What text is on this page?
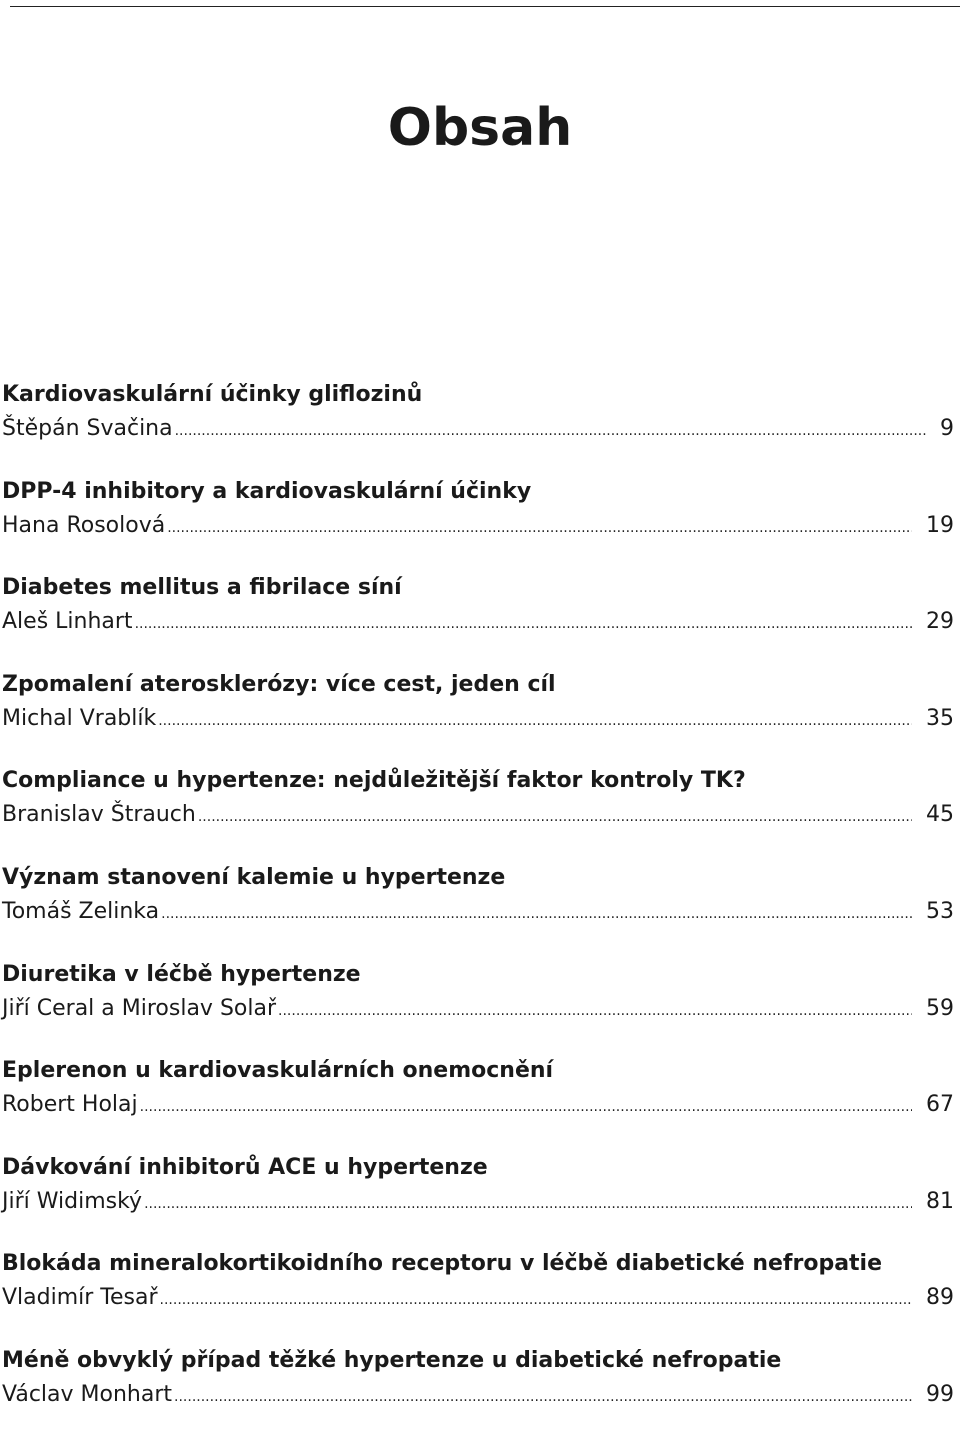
Obsah
Kardiovaskulární účinky gliflozinů
Štěpán Svačina .....	9
DPP-4 inhibitory a kardiovaskulární účinky
Hana Rosolová .....	19
Diabetes mellitus a fibrilace síní
Aleš Linhart .....	29
Zpomalení aterosklerózy: více cest, jeden cíl
Michal Vrablík .....	35
Compliance u hypertenze: nejdůležitější faktor kontroly TK?
Branislav Štrauch .....	45
Význam stanovení kalemie u hypertenze
Tomáš Zelinka .....	53
Diuretika v léčbě hypertenze
Jiří Ceral a Miroslav Solař .....	59
Eplerenon u kardiovaskulárních onemocnění
Robert Holaj .....	67
Dávkování inhibitorů ACE u hypertenze
Jiří Widimský .....	81
Blokáda mineralokortikoidního receptoru v léčbě diabetické nefropatie
Vladimír Tesař .....	89
Méně obvyklý případ těžké hypertenze u diabetické nefropatie
Václav Monhart .....	99
